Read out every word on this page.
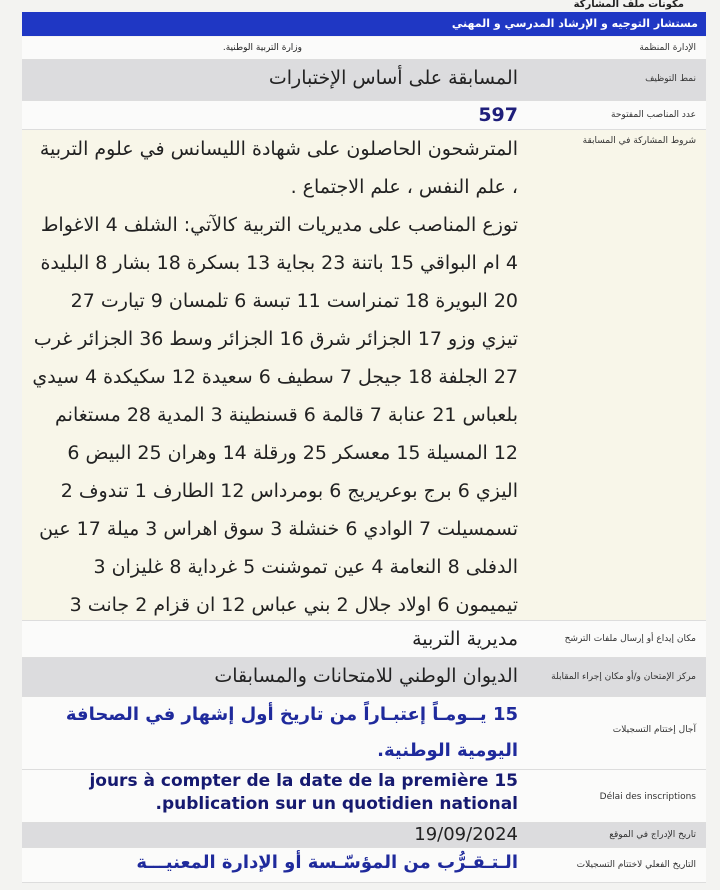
مكونات ملف المشاركة
مستشار التوجيه و الإرشاد المدرسي و المهني
الإدارة المنظمة
وزارة التربية الوطنية.
نمط التوظيف
المسابقة على أساس الإختبارات
عدد المناصب المفتوحة
597
شروط المشاركة في المسابقة
المترشحون الحاصلون على شهادة الليسانس في علوم التربية ، علم النفس ، علم الاجتماع .
توزع المناصب على مديريات التربية كالآتي: الشلف 4 الاغواط 4 ام البواقي 15 باتنة 23 بجاية 13 بسكرة 18 بشار 8 البليدة 20 البويرة 18 تمنراست 11 تبسة 6 تلمسان 9 تيارت 27 تيزي وزو 17 الجزائر شرق 16 الجزائر وسط 36 الجزائر غرب 27 الجلفة 18 جيجل 7 سطيف 6 سعيدة 12 سكيكدة 4 سيدي بلعباس 21 عنابة 7 قالمة 6 قسنطينة 3 المدية 28 مستغانم 12 المسيلة 15 معسكر 25 ورقلة 14 وهران 25 البيض 6 اليزي 6 برج بوعريريج 6 بومرداس 12 الطارف 1 تندوف 2 تسمسيلت 7 الوادي 6 خنشلة 3 سوق اهراس 3 ميلة 17 عين الدفلى 8 النعامة 4 عين تموشنت 5 غرداية 8 غليزان 3 تيميمون 6 اولاد جلال 2 بني عباس 12 ان قزام 2 جانت 3
مكان إيداع أو إرسال ملفات الترشح
مديرية التربية
مركز الإمتحان و/أو مكان إجراء المقابلة
الديوان الوطني للامتحانات والمسابقات
آجال إختتام التسجيلات
15 يــومـاً إعتبـاراً من تاريخ أول إشهار في الصحافة اليومية الوطنية.
Délai des inscriptions
jours à compter de la date de la première 15
.publication sur un quotidien national
تاريخ الإدراج في الموقع
19/09/2024
التاريخ الفعلي لاختتام التسجيلات
الـتـقـرُّب من المؤسّـسة أو الإدارة المعنيـــة
